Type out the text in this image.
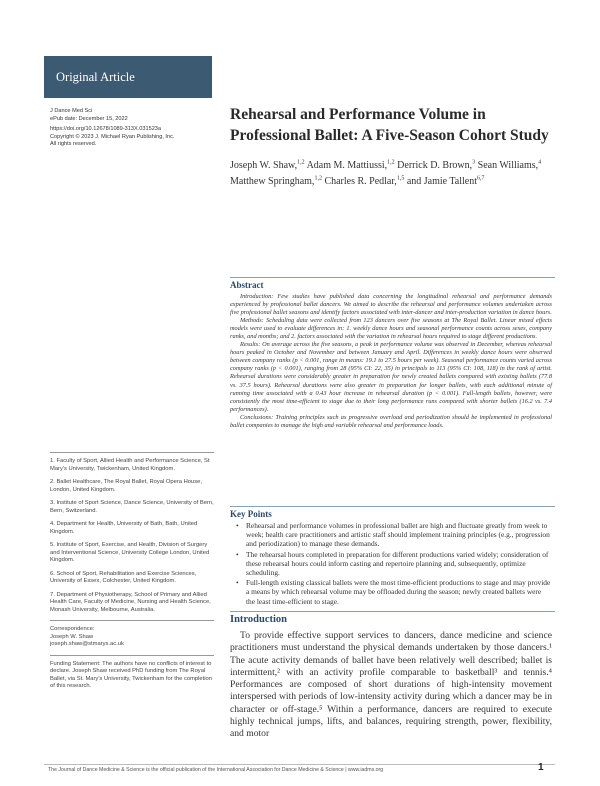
Original Article
J Dance Med Sci
ePub date: December 15, 2022
https://doi.org/10.12678/1089-313X.031523a
Copyright © 2023 J. Michael Ryan Publishing, Inc.
All rights reserved.
Rehearsal and Performance Volume in Professional Ballet: A Five-Season Cohort Study
Joseph W. Shaw,$^{1,2}$ Adam M. Mattiussi,$^{1,2}$ Derrick D. Brown,$^3$ Sean Williams,$^4$ Matthew Springham,$^{1,2}$ Charles R. Pedlar,$^{1,5}$ and Jamie Tallent$^{6,7}$
Abstract

Introduction: Few studies have published data concerning the longitudinal rehearsal and performance demands experienced by professional ballet dancers. We aimed to describe the rehearsal and performance volumes undertaken across five professional ballet seasons and identify factors associated with inter-dancer and inter-production variation in dance hours.

Methods: Scheduling data were collected from 123 dancers over five seasons at The Royal Ballet. Linear mixed effects models were used to evaluate differences in: 1. weekly dance hours and seasonal performance counts across sexes, company ranks, and months; and 2. factors associated with the variation in rehearsal hours required to stage different productions.

Results: On average across the five seasons, a peak in performance volume was observed in December, whereas rehearsal hours peaked in October and November and between January and April. Differences in weekly dance hours were observed between company ranks (p < 0.001, range in means: 19.1 to 27.5 hours per week). Seasonal performance counts varied across company ranks (p < 0.001), ranging from 28 (95% CI: 22, 35) in principals to 113 (95% CI: 108, 118) in the rank of artist. Rehearsal durations were considerably greater in preparation for newly created ballets compared with existing ballets (77.8 vs. 37.5 hours). Rehearsal durations were also greater in preparation for longer ballets, with each additional minute of running time associated with a 0.43 hour increase in rehearsal duration (p < 0.001). Full-length ballets, however, were consistently the most time-efficient to stage due to their long performance runs compared with shorter ballets (16.2 vs. 7.4 performances).

Conclusions: Training principles such as progressive overload and periodization should be implemented in professional ballet companies to manage the high and variable rehearsal and performance loads.

Key Points
• Rehearsal and performance volumes in professional ballet are high and fluctuate greatly from week to week; health care practitioners and artistic staff should implement training principles (e.g., progression and periodization) to manage these demands.
• The rehearsal hours completed in preparation for different productions varied widely; consideration of these rehearsal hours could inform casting and repertoire planning and, subsequently, optimize scheduling.
• Full-length existing classical ballets were the most time-efficient productions to stage and may provide a means by which rehearsal volume may be offloaded during the season; newly created ballets were the least time-efficient to stage.
Introduction

To provide effective support services to dancers, dance medicine and science practitioners must understand the physical demands undertaken by those dancers.¹ The acute activity demands of ballet have been relatively well described; ballet is intermittent,² with an activity profile comparable to basketball³ and tennis.⁴ Performances are composed of short durations of high-intensity movement interspersed with periods of low-intensity activity during which a dancer may be in character or off-stage.⁵ Within a performance, dancers are required to execute highly technical jumps, lifts, and balances, requiring strength, power, flexibility, and motor

1. Faculty of Sport, Allied Health and Performance Science, St Mary's University, Twickenham, United Kingdom.

2. Ballet Healthcare, The Royal Ballet, Royal Opera House, London, United Kingdom.

3. Institute of Sport Science, Dance Science, University of Bern, Bern, Switzerland.

4. Department for Health, University of Bath, Bath, United Kingdom.

5. Institute of Sport, Exercise, and Health, Division of Surgery and Interventional Science, University College London, United Kingdom.

6. School of Sport, Rehabilitation and Exercise Sciences, University of Essex, Colchester, United Kingdom.

7. Department of Physiotherapy, School of Primary and Allied Health Care, Faculty of Medicine, Nursing and Health Science, Monash University, Melbourne, Australia.

Correspondence:
Joseph W. Shaw
joseph.shaw@stmarys.ac.uk

Funding Statement: The authors have no conflicts of interest to declare. Joseph Shaw received PhD funding from The Royal Ballet, via St. Mary's University, Twickenham for the completion of this research.

The Journal of Dance Medicine & Science is the official publication of the International Association for Dance Medicine & Science | www.iadms.org	1
